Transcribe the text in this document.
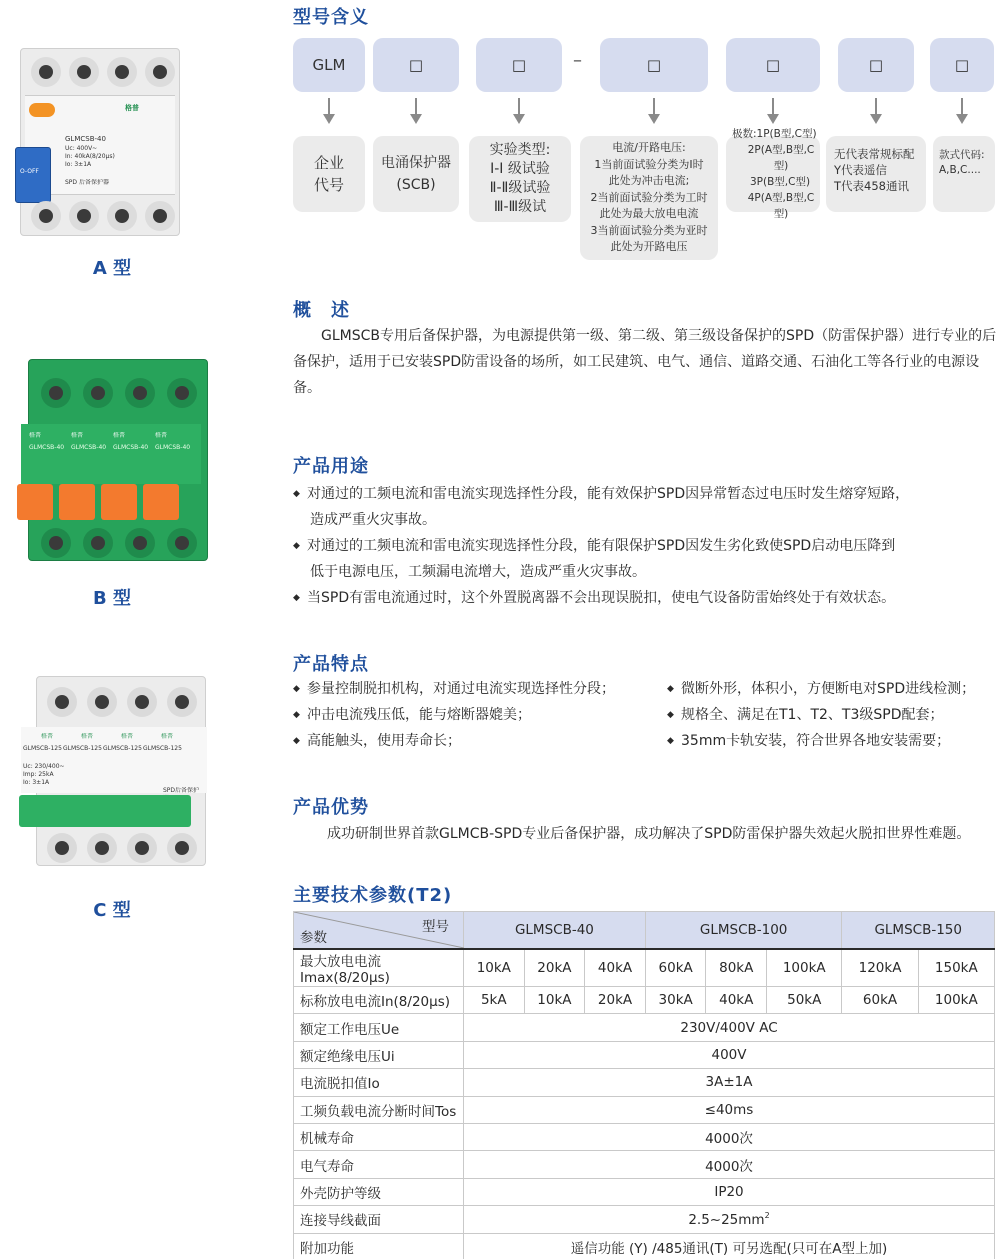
格普
GLMCSB-40
Uc: 400V~
In: 40kA(8/20μs)
Io: 3±1A
SPD 后备保护器
O-OFF
A 型
格普	格普	格普	格普
GLMCSB-40 GLMCSB-40 GLMCSB-40 GLMCSB-40
B 型
格普	格普	格普	格普
GLMSCB-125 GLMSCB-125 GLMSCB-125 GLMSCB-125
Uc: 230/400~
Imp: 25kA
Io: 3±1A
SPD后备保护
C 型
型号含义
GLM	□	□	–	□	□	□	□
企业
代号
电涌保护器
(SCB)
实验类型:
Ⅰ-Ⅰ 级试验
Ⅱ-Ⅱ级试验
Ⅲ-Ⅲ级试
电流/开路电压:
1当前面试验分类为I时
此处为冲击电流;
2当前面试验分类为工时
此处为最大放电电流
3当前面试验分类为亚时
此处为开路电压
极数:1P(B型,C型)
2P(A型,B型,C型)
3P(B型,C型)
4P(A型,B型,C型)
无代表常规标配
Y代表遥信
T代表458通讯
款式代码:
A,B,C....
概　述
　　GLMSCB专用后备保护器，为电源提供第一级、第二级、第三级设备保护的SPD（防雷保护器）进行专业的后备保护，适用于已安装SPD防雷设备的场所，如工民建筑、电气、通信、道路交通、石油化工等各行业的电源设备。
产品用途
◆ 对通过的工频电流和雷电流实现选择性分段，能有效保护SPD因异常暂态过电压时发生熔穿短路，
造成严重火灾事故。
◆ 对通过的工频电流和雷电流实现选择性分段，能有限保护SPD因发生劣化致使SPD启动电压降到
低于电源电压，工频漏电流增大，造成严重火灾事故。
◆ 当SPD有雷电流通过时，这个外置脱离器不会出现误脱扣，使电气设备防雷始终处于有效状态。
产品特点
◆ 参量控制脱扣机构，对通过电流实现选择性分段；
◆ 冲击电流残压低，能与熔断器媲美；
◆ 高能触头，使用寿命长；
◆ 微断外形，体积小，方便断电对SPD进线检测；
◆ 规格全、满足在T1、T2、T3级SPD配套；
◆ 35mm卡轨安装，符合世界各地安装需要；
产品优势
成功研制世界首款GLMCB-SPD专业后备保护器，成功解决了SPD防雷保护器失效起火脱扣世界性难题。
主要技术参数(T2)
型号
参数	GLMSCB-40			GLMSCB-100			GLMSCB-150	
最大放电电流Imax(8/20μs)	10kA	20kA	40kA	60kA	80kA	100kA	120kA	150kA
标称放电电流In(8/20μs)	5kA	10kA	20kA	30kA	40kA	50kA	60kA	100kA
额定工作电压Ue	230V/400V AC							
额定绝缘电压Ui	400V							
电流脱扣值Io	3A±1A							
工频负载电流分断时间Tos	≤40ms							
机械寿命	4000次							
电气寿命	4000次							
外壳防护等级	IP20							
连接导线截面	$2.5\sim 25mm^2$
附加功能	遥信功能 (Y) /485通讯(T) 可另选配(只可在A型上加)							
